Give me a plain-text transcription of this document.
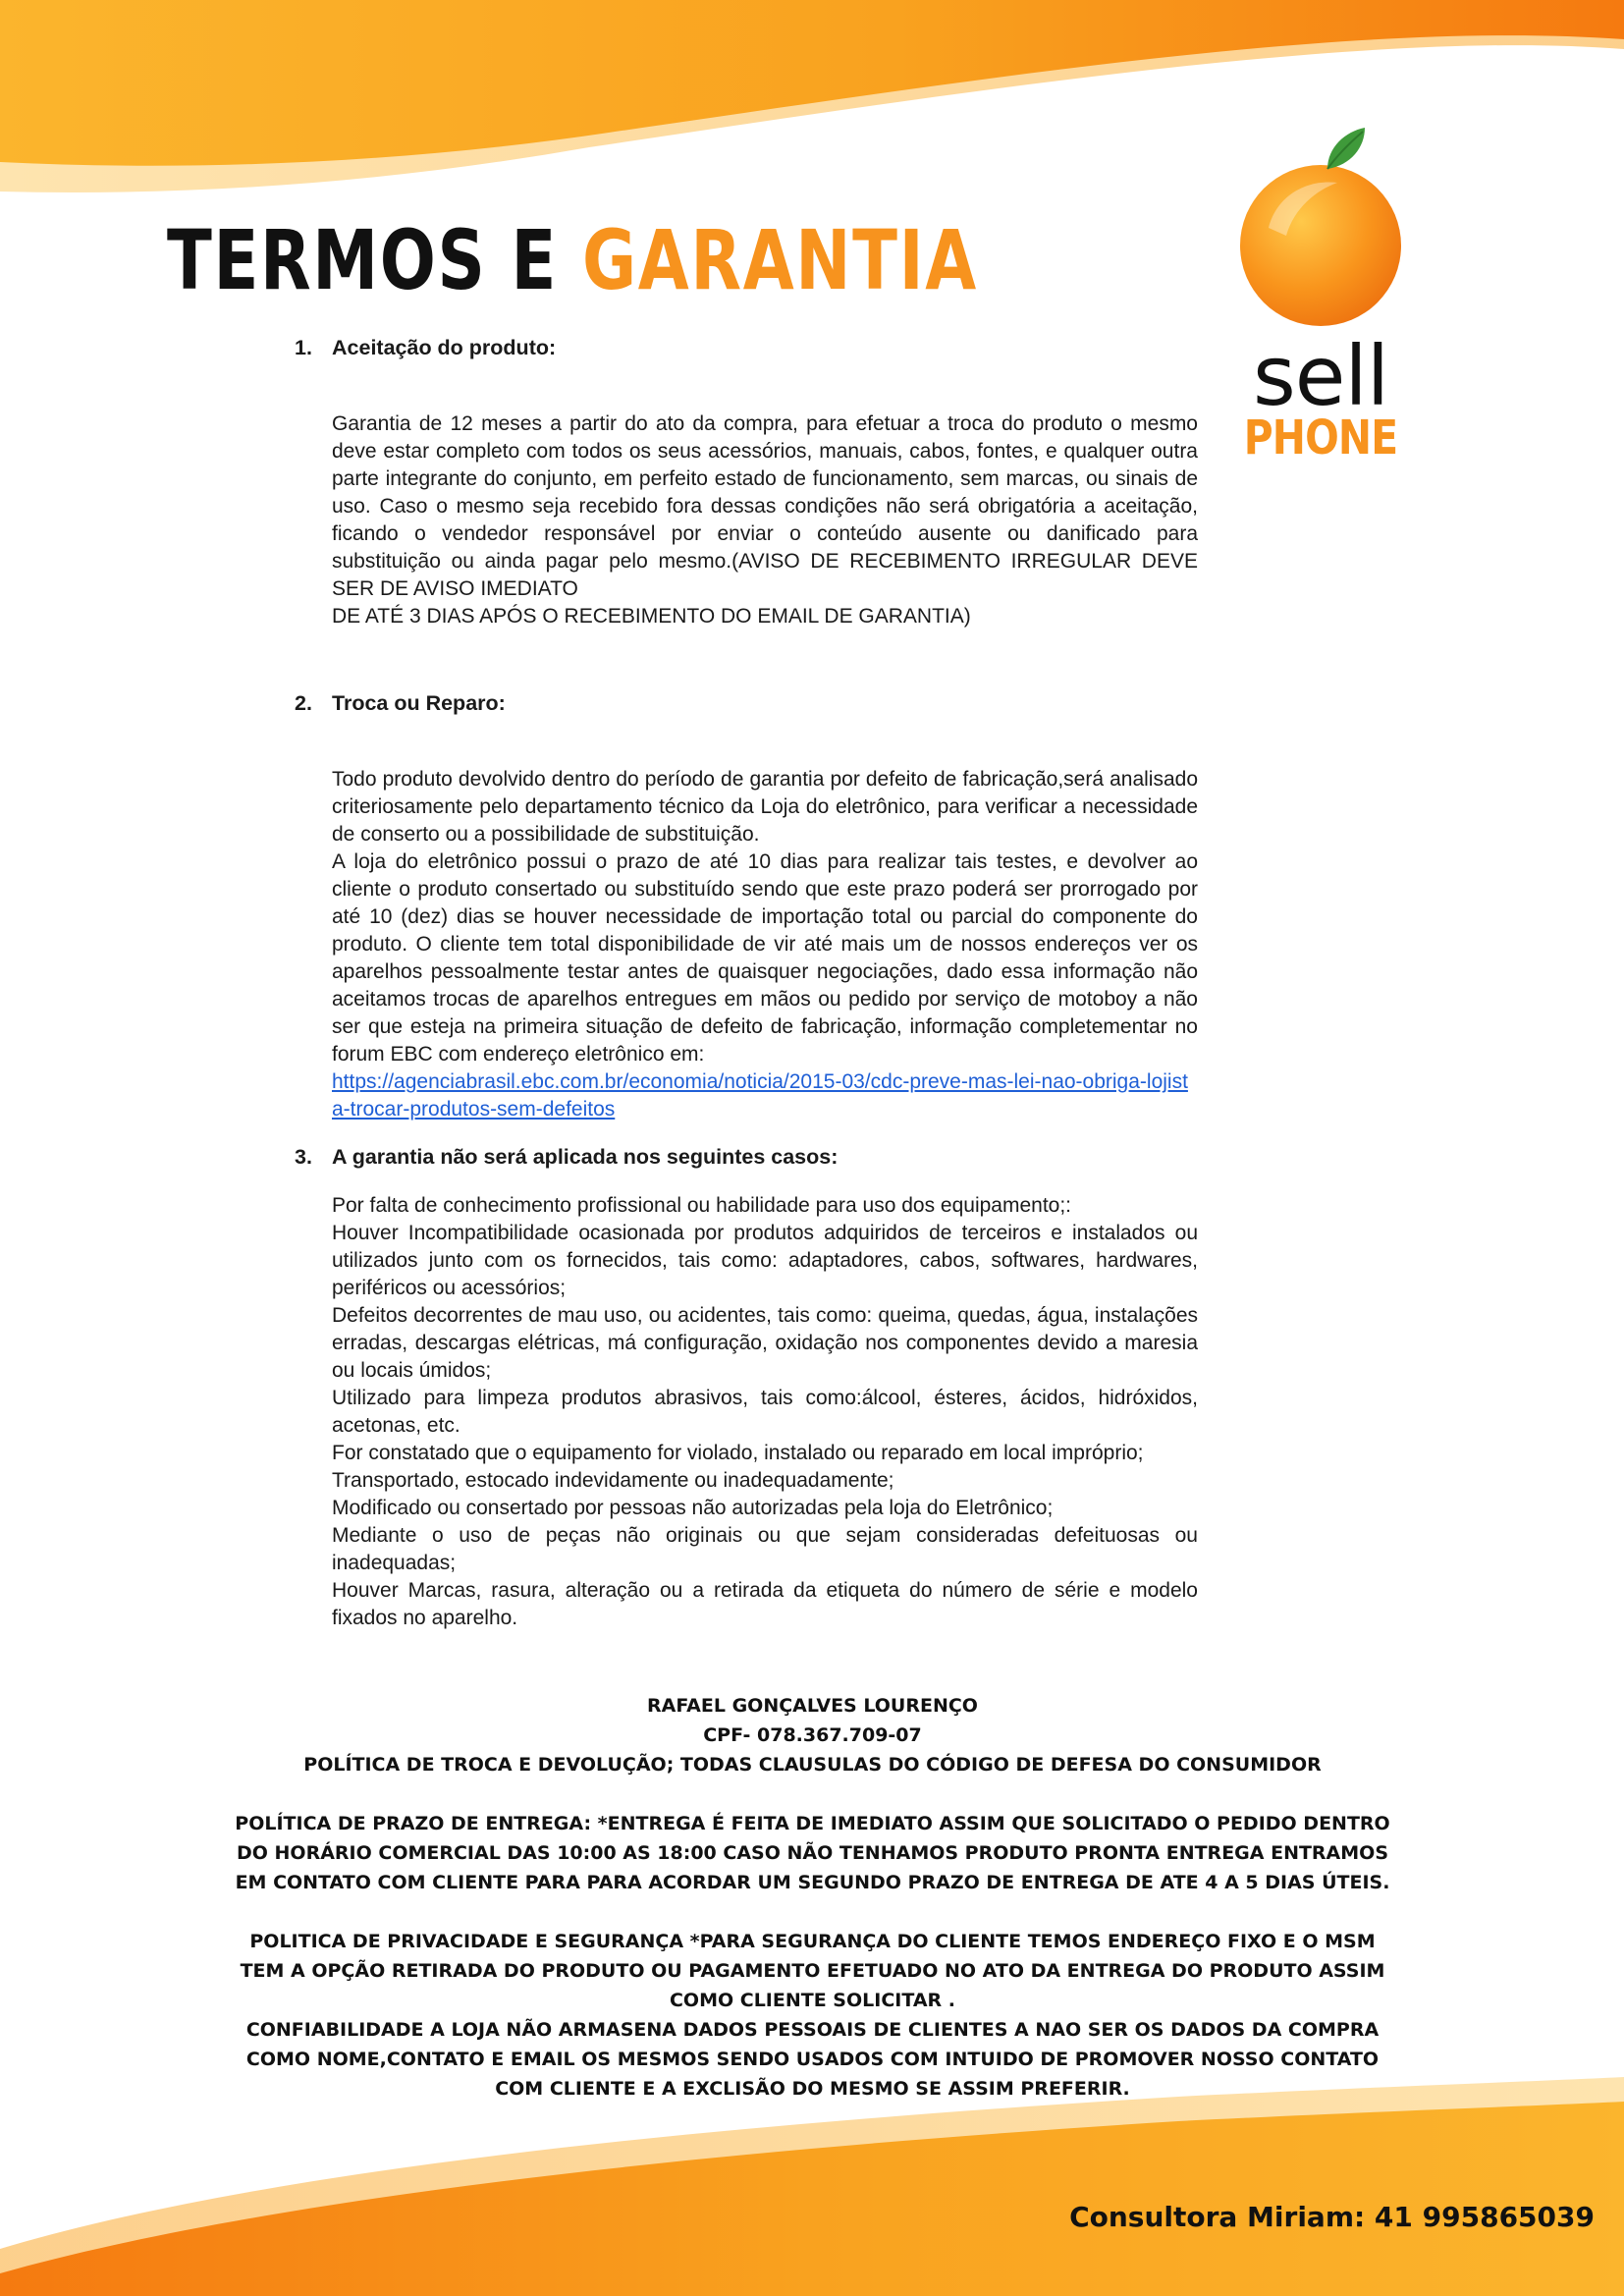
TERMOS E GARANTIA
sell
PHONE
1. Aceitação do produto:

Garantia de 12 meses a partir do ato da compra, para efetuar a troca do produto o mesmo deve estar completo com todos os seus acessórios, manuais, cabos, fontes, e qualquer outra parte integrante do conjunto, em perfeito estado de funcionamento, sem marcas, ou sinais de uso. Caso o mesmo seja recebido fora dessas condições não será obrigatória a aceitação, ficando o vendedor responsável por enviar o conteúdo ausente ou danificado para substituição ou ainda pagar pelo mesmo.(AVISO DE RECEBIMENTO IRREGULAR DEVE SER DE AVISO IMEDIATO

DE ATÉ 3 DIAS APÓS O RECEBIMENTO DO EMAIL DE GARANTIA)

2. Troca ou Reparo:

Todo produto devolvido dentro do período de garantia por defeito de fabricação,será analisado criteriosamente pelo departamento técnico da Loja do eletrônico, para verificar a necessidade de conserto ou a possibilidade de substituição.

A loja do eletrônico possui o prazo de até 10 dias para realizar tais testes, e devolver ao cliente o produto consertado ou substituído sendo que este prazo poderá ser prorrogado por até 10 (dez) dias se houver necessidade de importação total ou parcial do componente do produto. O cliente tem total disponibilidade de vir até mais um de nossos endereços ver os aparelhos pessoalmente testar antes de quaisquer negociações, dado essa informação não aceitamos trocas de aparelhos entregues em mãos ou pedido por serviço de motoboy a não ser que esteja na primeira situação de defeito de fabricação, informação completementar no forum EBC com endereço eletrônico em:

https://agenciabrasil.ebc.com.br/economia/noticia/2015-03/cdc-preve-mas-lei-nao-obriga-lojista-trocar-produtos-sem-defeitos

3. A garantia não será aplicada nos seguintes casos:

Por falta de conhecimento profissional ou habilidade para uso dos equipamento;:

Houver Incompatibilidade ocasionada por produtos adquiridos de terceiros e instalados ou utilizados junto com os fornecidos, tais como: adaptadores, cabos, softwares, hardwares, periféricos ou acessórios;

Defeitos decorrentes de mau uso, ou acidentes, tais como: queima, quedas, água, instalações erradas, descargas elétricas, má configuração, oxidação nos componentes devido a maresia ou locais úmidos;

Utilizado para limpeza produtos abrasivos, tais como:álcool, ésteres, ácidos, hidróxidos, acetonas, etc.

For constatado que o equipamento for violado, instalado ou reparado em local impróprio;

Transportado, estocado indevidamente ou inadequadamente;

Modificado ou consertado por pessoas não autorizadas pela loja do Eletrônico;

Mediante o uso de peças não originais ou que sejam consideradas defeituosas ou inadequadas;

Houver Marcas, rasura, alteração ou a retirada da etiqueta do número de série e modelo fixados no aparelho.

RAFAEL GONÇALVES LOURENÇO

CPF- 078.367.709-07

POLÍTICA DE TROCA E DEVOLUÇÃO; TODAS CLAUSULAS DO CÓDIGO DE DEFESA DO CONSUMIDOR

POLÍTICA DE PRAZO DE ENTREGA: *ENTREGA É FEITA DE IMEDIATO ASSIM QUE SOLICITADO O PEDIDO DENTRO DO HORÁRIO COMERCIAL DAS 10:00 AS 18:00 CASO NÃO TENHAMOS PRODUTO PRONTA ENTREGA ENTRAMOS EM CONTATO COM CLIENTE PARA PARA ACORDAR UM SEGUNDO PRAZO DE ENTREGA DE ATE 4 A 5 DIAS ÚTEIS.

POLITICA DE PRIVACIDADE E SEGURANÇA *PARA SEGURANÇA DO CLIENTE TEMOS ENDEREÇO FIXO E O MSM TEM A OPÇÃO RETIRADA DO PRODUTO OU PAGAMENTO EFETUADO NO ATO DA ENTREGA DO PRODUTO ASSIM COMO CLIENTE SOLICITAR .

CONFIABILIDADE A LOJA NÃO ARMASENA DADOS PESSOAIS DE CLIENTES A NAO SER OS DADOS DA COMPRA COMO NOME,CONTATO E EMAIL OS MESMOS SENDO USADOS COM INTUIDO DE PROMOVER NOSSO CONTATO COM CLIENTE E A EXCLISÃO DO MESMO SE ASSIM PREFERIR.

Consultora Miriam: 41 995865039
